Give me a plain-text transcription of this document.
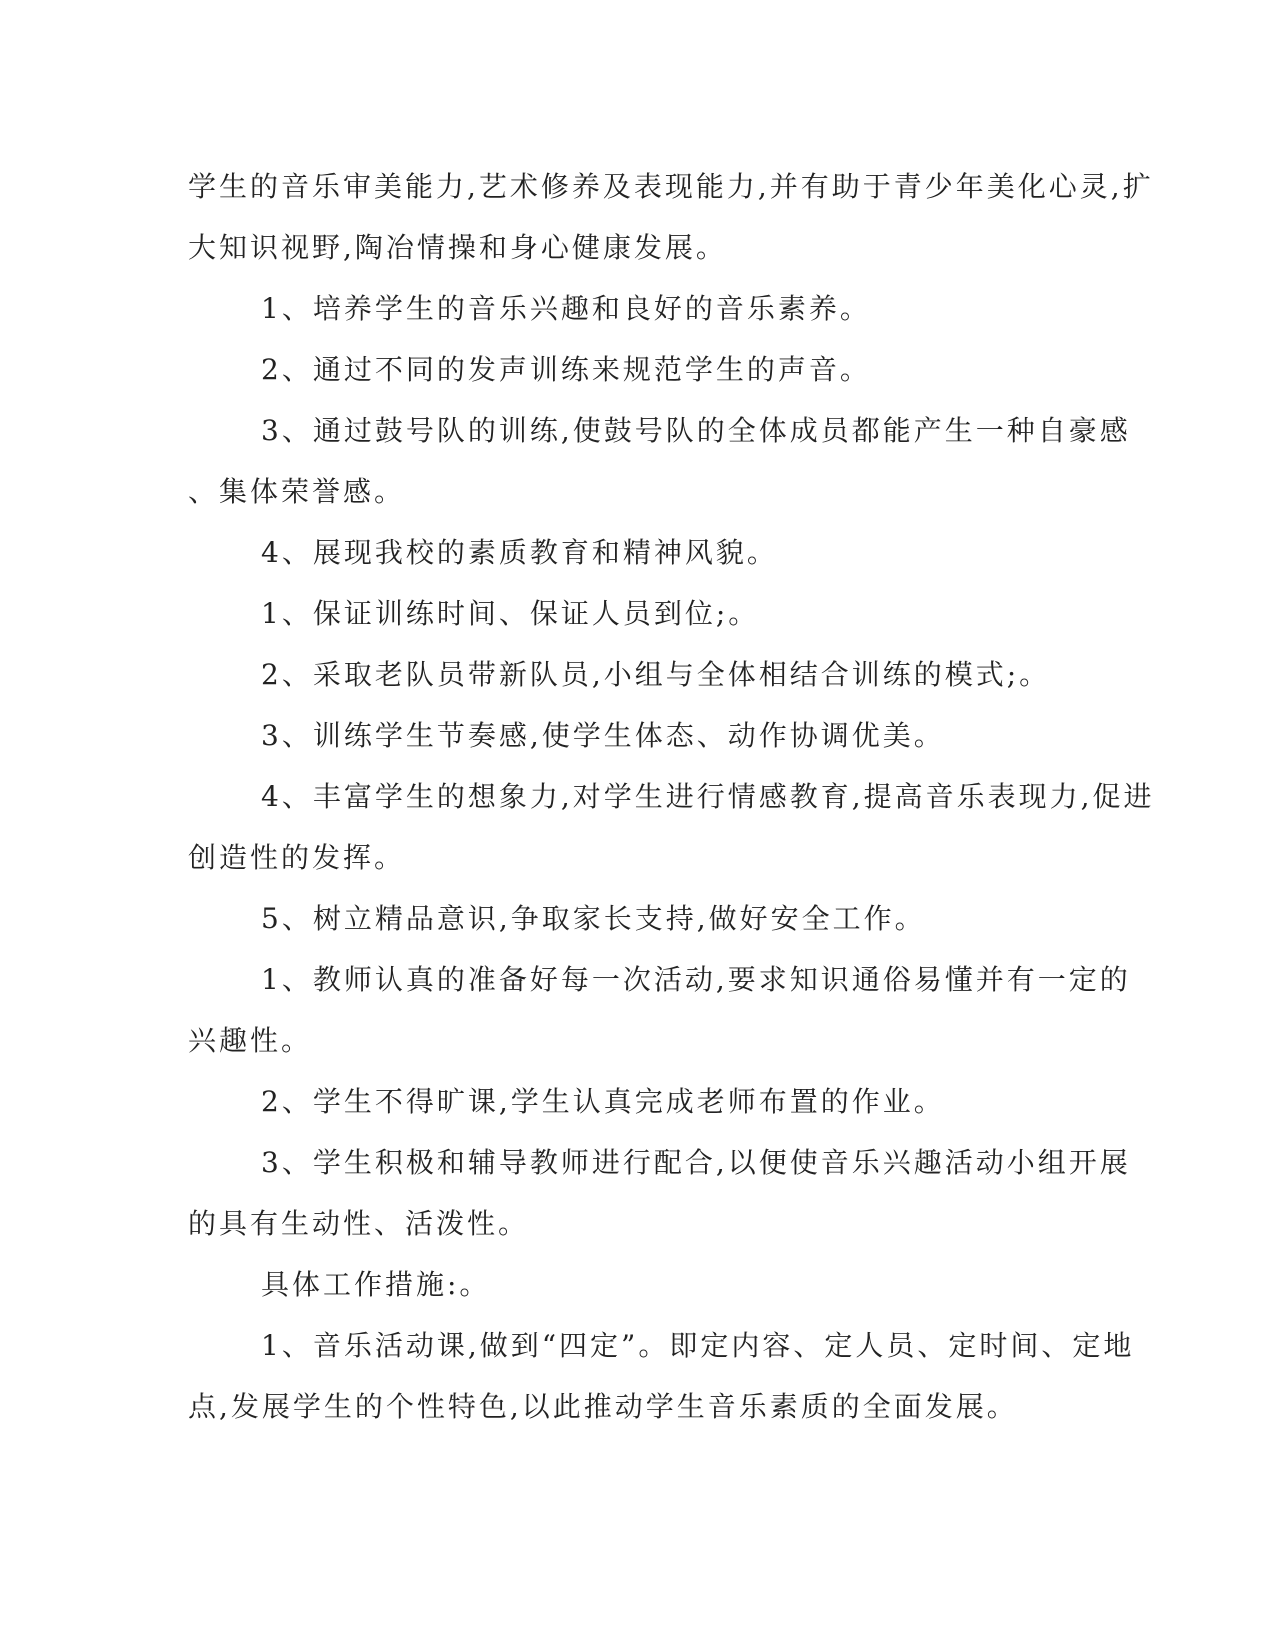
学生的音乐审美能力,艺术修养及表现能力,并有助于青少年美化心灵,扩

大知识视野,陶冶情操和身心健康发展。

1、培养学生的音乐兴趣和良好的音乐素养。

2、通过不同的发声训练来规范学生的声音。

3、通过鼓号队的训练,使鼓号队的全体成员都能产生一种自豪感

、集体荣誉感。

4、展现我校的素质教育和精神风貌。

1、保证训练时间、保证人员到位;。

2、采取老队员带新队员,小组与全体相结合训练的模式;。

3、训练学生节奏感,使学生体态、动作协调优美。

4、丰富学生的想象力,对学生进行情感教育,提高音乐表现力,促进

创造性的发挥。

5、树立精品意识,争取家长支持,做好安全工作。

1、教师认真的准备好每一次活动,要求知识通俗易懂并有一定的

兴趣性。

2、学生不得旷课,学生认真完成老师布置的作业。

3、学生积极和辅导教师进行配合,以便使音乐兴趣活动小组开展

的具有生动性、活泼性。

具体工作措施:。

1、音乐活动课,做到“四定”。即定内容、定人员、定时间、定地

点,发展学生的个性特色,以此推动学生音乐素质的全面发展。
